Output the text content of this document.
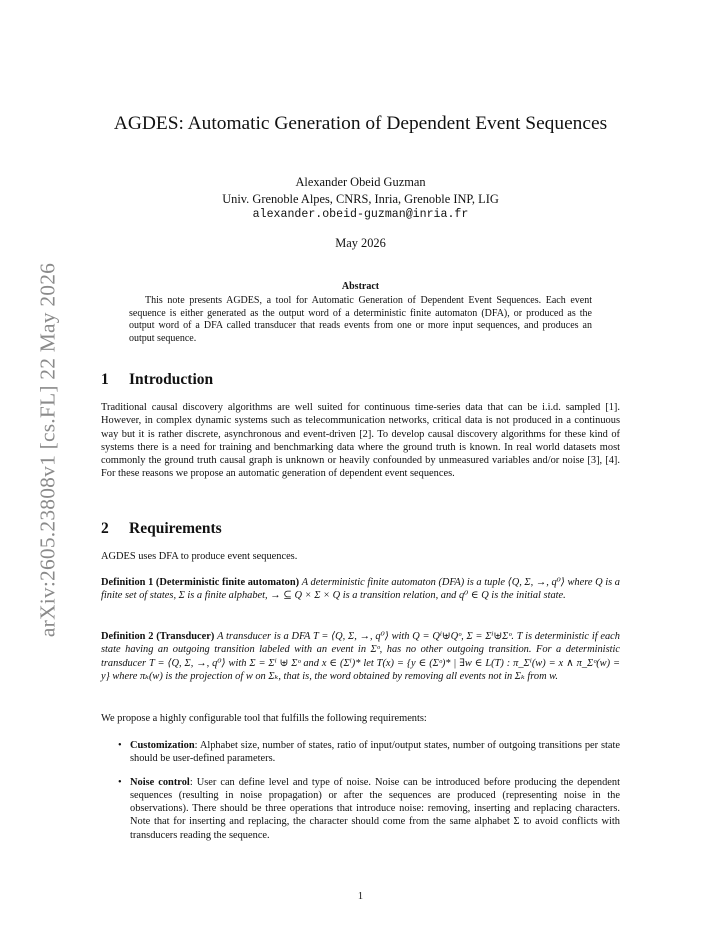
arXiv:2605.23808v1 [cs.FL] 22 May 2026
AGDES: Automatic Generation of Dependent Event Sequences
Alexander Obeid Guzman
Univ. Grenoble Alpes, CNRS, Inria, Grenoble INP, LIG
alexander.obeid-guzman@inria.fr
May 2026
Abstract

This note presents AGDES, a tool for Automatic Generation of Dependent Event Sequences. Each event sequence is either generated as the output word of a deterministic finite automaton (DFA), or produced as the output word of a DFA called transducer that reads events from one or more input sequences, and produces an output sequence.

1 Introduction

Traditional causal discovery algorithms are well suited for continuous time-series data that can be i.i.d. sampled [1]. However, in complex dynamic systems such as telecommunication networks, critical data is not produced in a continuous way but it is rather discrete, asynchronous and event-driven [2]. To develop causal discovery algorithms for these kind of systems there is a need for training and benchmarking data where the ground truth is known. In real world datasets most commonly the ground truth causal graph is unknown or heavily confounded by unmeasured variables and/or noise [3], [4]. For these reasons we propose an automatic generation of dependent event sequences.

2 Requirements

AGDES uses DFA to produce event sequences.

Definition 1 (Deterministic finite automaton) A deterministic finite automaton (DFA) is a tuple ⟨Q, Σ, →, q⁰⟩ where Q is a finite set of states, Σ is a finite alphabet, → ⊆ Q × Σ × Q is a transition relation, and q⁰ ∈ Q is the initial state.

Definition 2 (Transducer) A transducer is a DFA T = ⟨Q, Σ, →, q⁰⟩ with Q = Qⁱ⊎Qᵒ, Σ = Σⁱ⊎Σᵒ. T is deterministic if each state having an outgoing transition labeled with an event in Σᵒ, has no other outgoing transition. For a deterministic transducer T = ⟨Q, Σ, →, q⁰⟩ with Σ = Σⁱ ⊎ Σᵒ and x ∈ (Σⁱ)* let T(x) = {y ∈ (Σᵒ)* | ∃w ∈ L(T) : π_Σⁱ(w) = x ∧ π_Σᵒ(w) = y} where πₖ(w) is the projection of w on Σₖ, that is, the word obtained by removing all events not in Σₖ from w.

We propose a highly configurable tool that fulfills the following requirements:

• Customization: Alphabet size, number of states, ratio of input/output states, number of outgoing transitions per state should be user-defined parameters.
• Noise control: User can define level and type of noise. Noise can be introduced before producing the dependent sequences (resulting in noise propagation) or after the sequences are produced (representing noise in the observations). There should be three operations that introduce noise: removing, inserting and replacing characters. Note that for inserting and replacing, the character should come from the same alphabet Σ to avoid conflicts with transducers reading the sequence.
1
